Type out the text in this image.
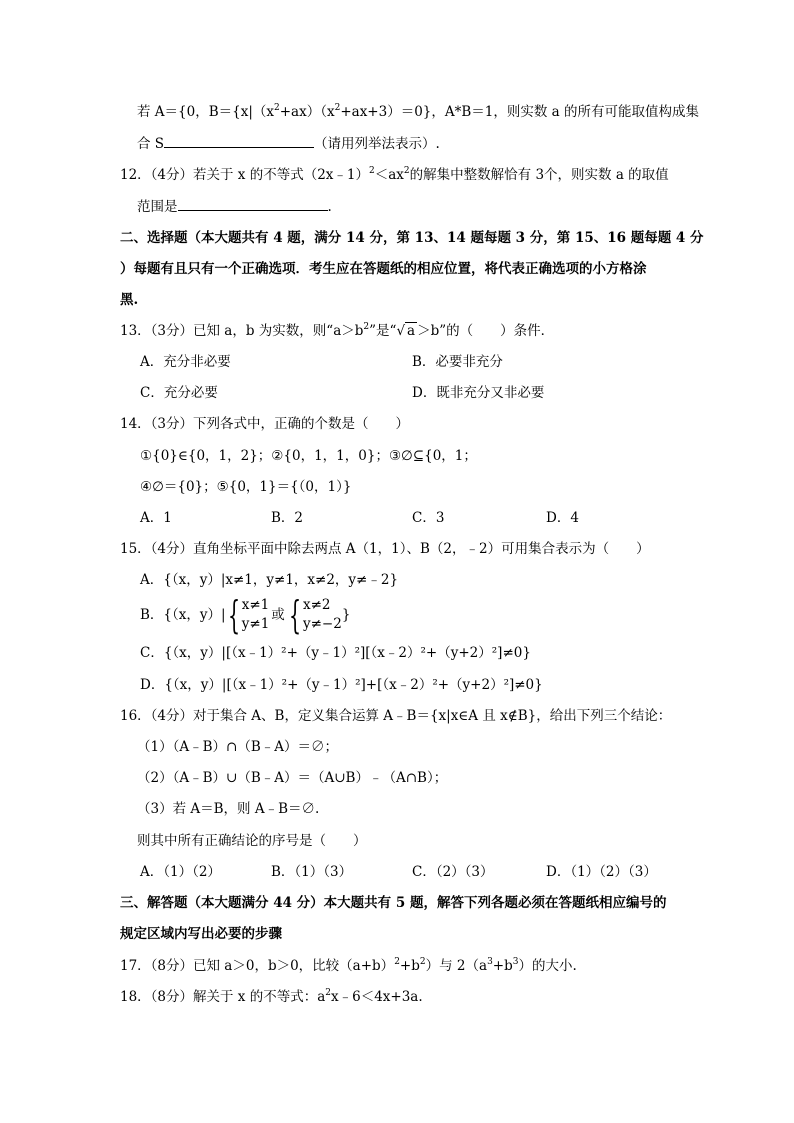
若 A＝{0，$B=\{x|(x^2+ax)(x^2+ax+3)=0\}$，A*B＝1，则实数 a 的所有可能取值构成集
合 S	（请用列举法表示）.
12．（4分）若关于 x 的不等式$(2x﹣1)^2<ax^2$的解集中整数解恰有 3个，则实数 a 的取值
范围是	.
二、选择题（本大题共有 4 题，满分 14 分，第 13、14 题每题 3 分，第 15、16 题每题 4 分
）每题有且只有一个正确选项．考生应在答题纸的相应位置，将代表正确选项的小方格涂
黑.
13．（3分）已知 a，b 为实数，则“$a>b^2$”是“√ a ＞b”的（　　）条件．
A．充分非必要	B．必要非充分
C．充分必要	D．既非充分又非必要
14．（3分）下列各式中，正确的个数是（　　）
①{0}∈{0，1，2}；②{0，1，1，0}；③∅⊆{0，1；
④∅＝{0}；⑤{0，1}＝{（0，1）}
A．1	B．2	C．3	D．4
15．（4分）直角坐标平面中除去两点 A（1，1）、B（2，﹣2）可用集合表示为（　　）
A．{（x，y）|x≠1，y≠1，x≠2，y≠﹣2}
B．{（x，y）| { x≠1
y≠1
或 { x≠2
y≠−2
}
C．{（x，y）|[（x﹣1）²+（y﹣1）²][（x﹣2）²+（y+2）²]≠0}
D．{（x，y）|[（x﹣1）²+（y﹣1）²]+[（x﹣2）²+（y+2）²]≠0}
16．（4分）对于集合 A、B，定义集合运算 A﹣B＝{x|x∈A 且 x∉B}，给出下列三个结论：
（1）（A﹣B）∩（B﹣A）＝∅；
（2）（A﹣B）∪（B﹣A）＝（A∪B）﹣（A∩B）；
（3）若 A＝B，则 A﹣B＝∅.
则其中所有正确结论的序号是（　　）
A．（1）（2）	B．（1）（3）	C．（2）（3）	D．（1）（2）（3）
三、解答题（本大题满分 44 分）本大题共有 5 题，解答下列各题必须在答题纸相应编号的
规定区域内写出必要的步骤
17．（8分）已知 a＞0，b＞0，比较$(a+b)^2+b^2$）与 $2(a^3+b^3)$的大小.
18．（8分）解关于 x 的不等式：$a^2x﹣6<4x+3a$.
